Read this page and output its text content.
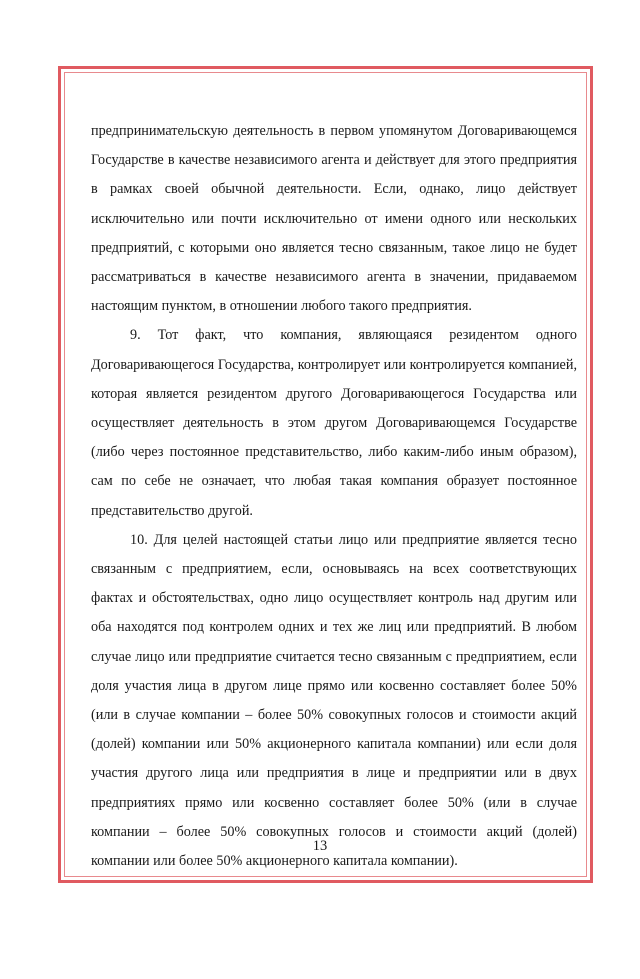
предпринимательскую деятельность в первом упомянутом Договаривающемся Государстве в качестве независимого агента и действует для этого предприятия в рамках своей обычной деятельности. Если, однако, лицо действует исключительно или почти исключительно от имени одного или нескольких предприятий, с которыми оно является тесно связанным, такое лицо не будет рассматриваться в качестве независимого агента в значении, придаваемом настоящим пунктом, в отношении любого такого предприятия.

9. Тот факт, что компания, являющаяся резидентом одного Договаривающегося Государства, контролирует или контролируется компанией, которая является резидентом другого Договаривающегося Государства или осуществляет деятельность в этом другом Договаривающемся Государстве (либо через постоянное представительство, либо каким-либо иным образом), сам по себе не означает, что любая такая компания образует постоянное представительство другой.

10. Для целей настоящей статьи лицо или предприятие является тесно связанным с предприятием, если, основываясь на всех соответствующих фактах и обстоятельствах, одно лицо осуществляет контроль над другим или оба находятся под контролем одних и тех же лиц или предприятий. В любом случае лицо или предприятие считается тесно связанным с предприятием, если доля участия лица в другом лице прямо или косвенно составляет более 50% (или в случае компании – более 50% совокупных голосов и стоимости акций (долей) компании или 50% акционерного капитала компании) или если доля участия другого лица или предприятия в лице и предприятии или в двух предприятиях прямо или косвенно составляет более 50% (или в случае компании – более 50% совокупных голосов и стоимости акций (долей) компании или более 50% акционерного капитала компании).

13
